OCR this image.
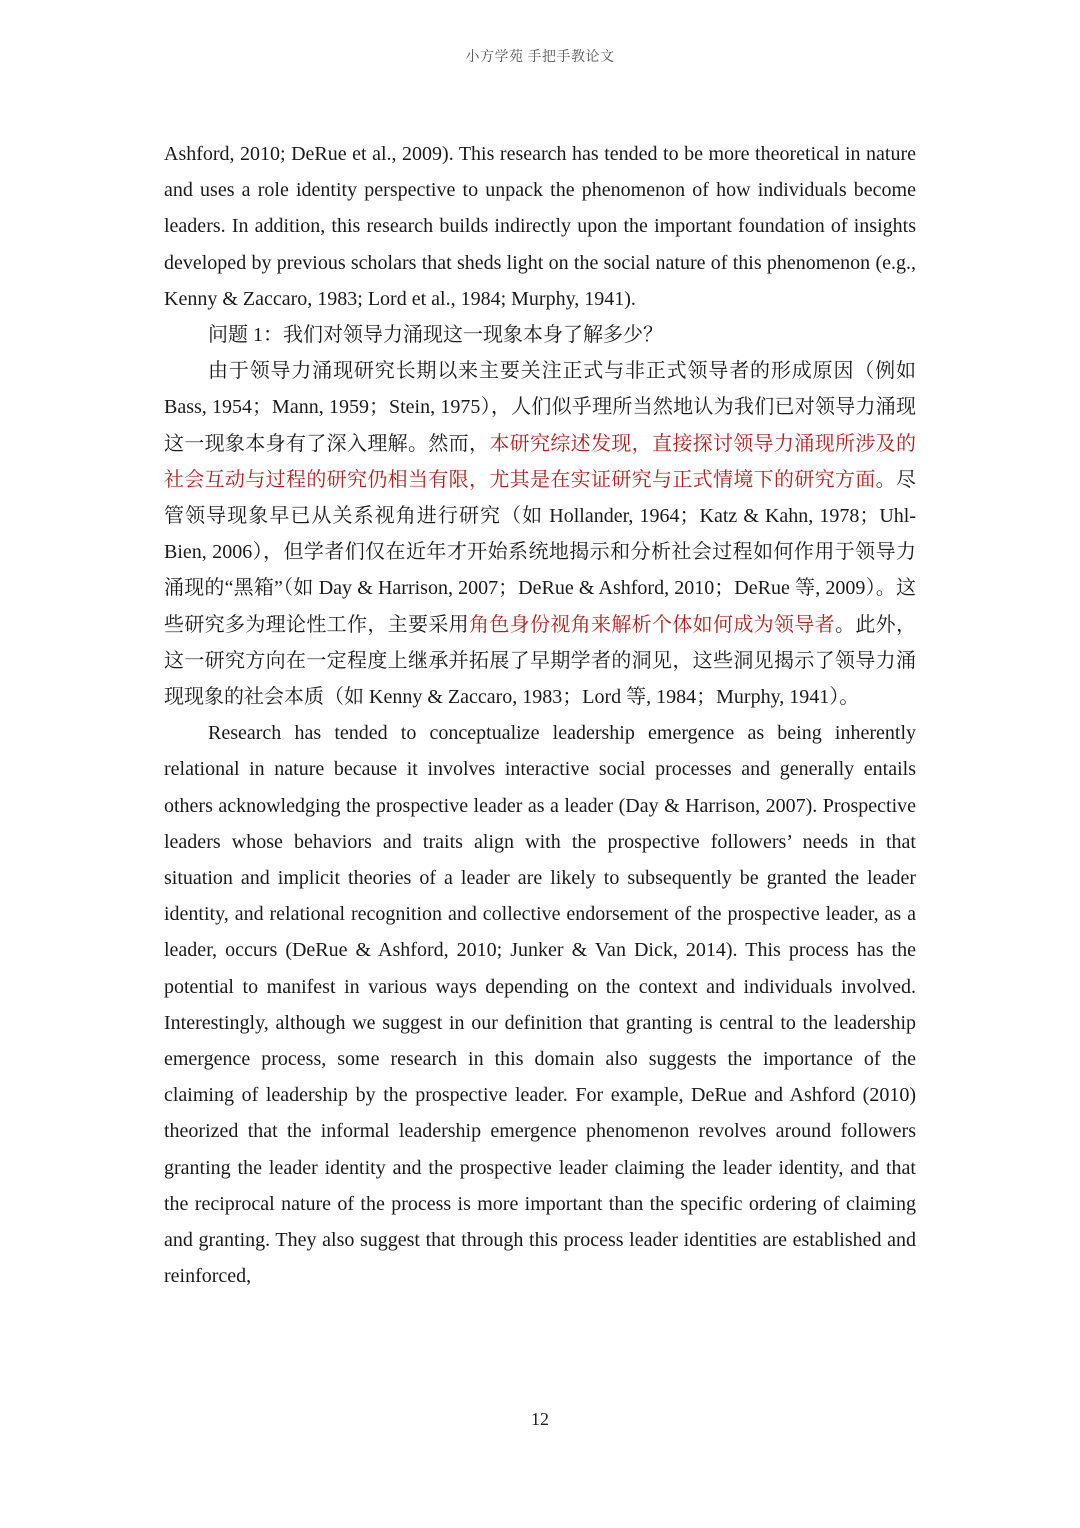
小方学苑 手把手教论文

Ashford, 2010; DeRue et al., 2009). This research has tended to be more theoretical in nature and uses a role identity perspective to unpack the phenomenon of how individuals become leaders. In addition, this research builds indirectly upon the important foundation of insights developed by previous scholars that sheds light on the social nature of this phenomenon (e.g., Kenny & Zaccaro, 1983; Lord et al., 1984; Murphy, 1941).

问题 1：我们对领导力涌现这一现象本身了解多少？

由于领导力涌现研究长期以来主要关注正式与非正式领导者的形成原因（例如 Bass, 1954；Mann, 1959；Stein, 1975），人们似乎理所当然地认为我们已对领导力涌现这一现象本身有了深入理解。然而，本研究综述发现，直接探讨领导力涌现所涉及的社会互动与过程的研究仍相当有限，尤其是在实证研究与正式情境下的研究方面。尽管领导现象早已从关系视角进行研究（如 Hollander, 1964；Katz & Kahn, 1978；Uhl-Bien, 2006），但学者们仅在近年才开始系统地揭示和分析社会过程如何作用于领导力涌现的“黑箱”（如 Day & Harrison, 2007；DeRue & Ashford, 2010；DeRue 等, 2009）。这些研究多为理论性工作，主要采用角色身份视角来解析个体如何成为领导者。此外，这一研究方向在一定程度上继承并拓展了早期学者的洞见，这些洞见揭示了领导力涌现现象的社会本质（如 Kenny & Zaccaro, 1983；Lord 等, 1984；Murphy, 1941）。

Research has tended to conceptualize leadership emergence as being inherently relational in nature because it involves interactive social processes and generally entails others acknowledging the prospective leader as a leader (Day & Harrison, 2007). Prospective leaders whose behaviors and traits align with the prospective followers’ needs in that situation and implicit theories of a leader are likely to subsequently be granted the leader identity, and relational recognition and collective endorsement of the prospective leader, as a leader, occurs (DeRue & Ashford, 2010; Junker & Van Dick, 2014). This process has the potential to manifest in various ways depending on the context and individuals involved. Interestingly, although we suggest in our definition that granting is central to the leadership emergence process, some research in this domain also suggests the importance of the claiming of leadership by the prospective leader. For example, DeRue and Ashford (2010) theorized that the informal leadership emergence phenomenon revolves around followers granting the leader identity and the prospective leader claiming the leader identity, and that the reciprocal nature of the process is more important than the specific ordering of claiming and granting. They also suggest that through this process leader identities are established and reinforced,

12
